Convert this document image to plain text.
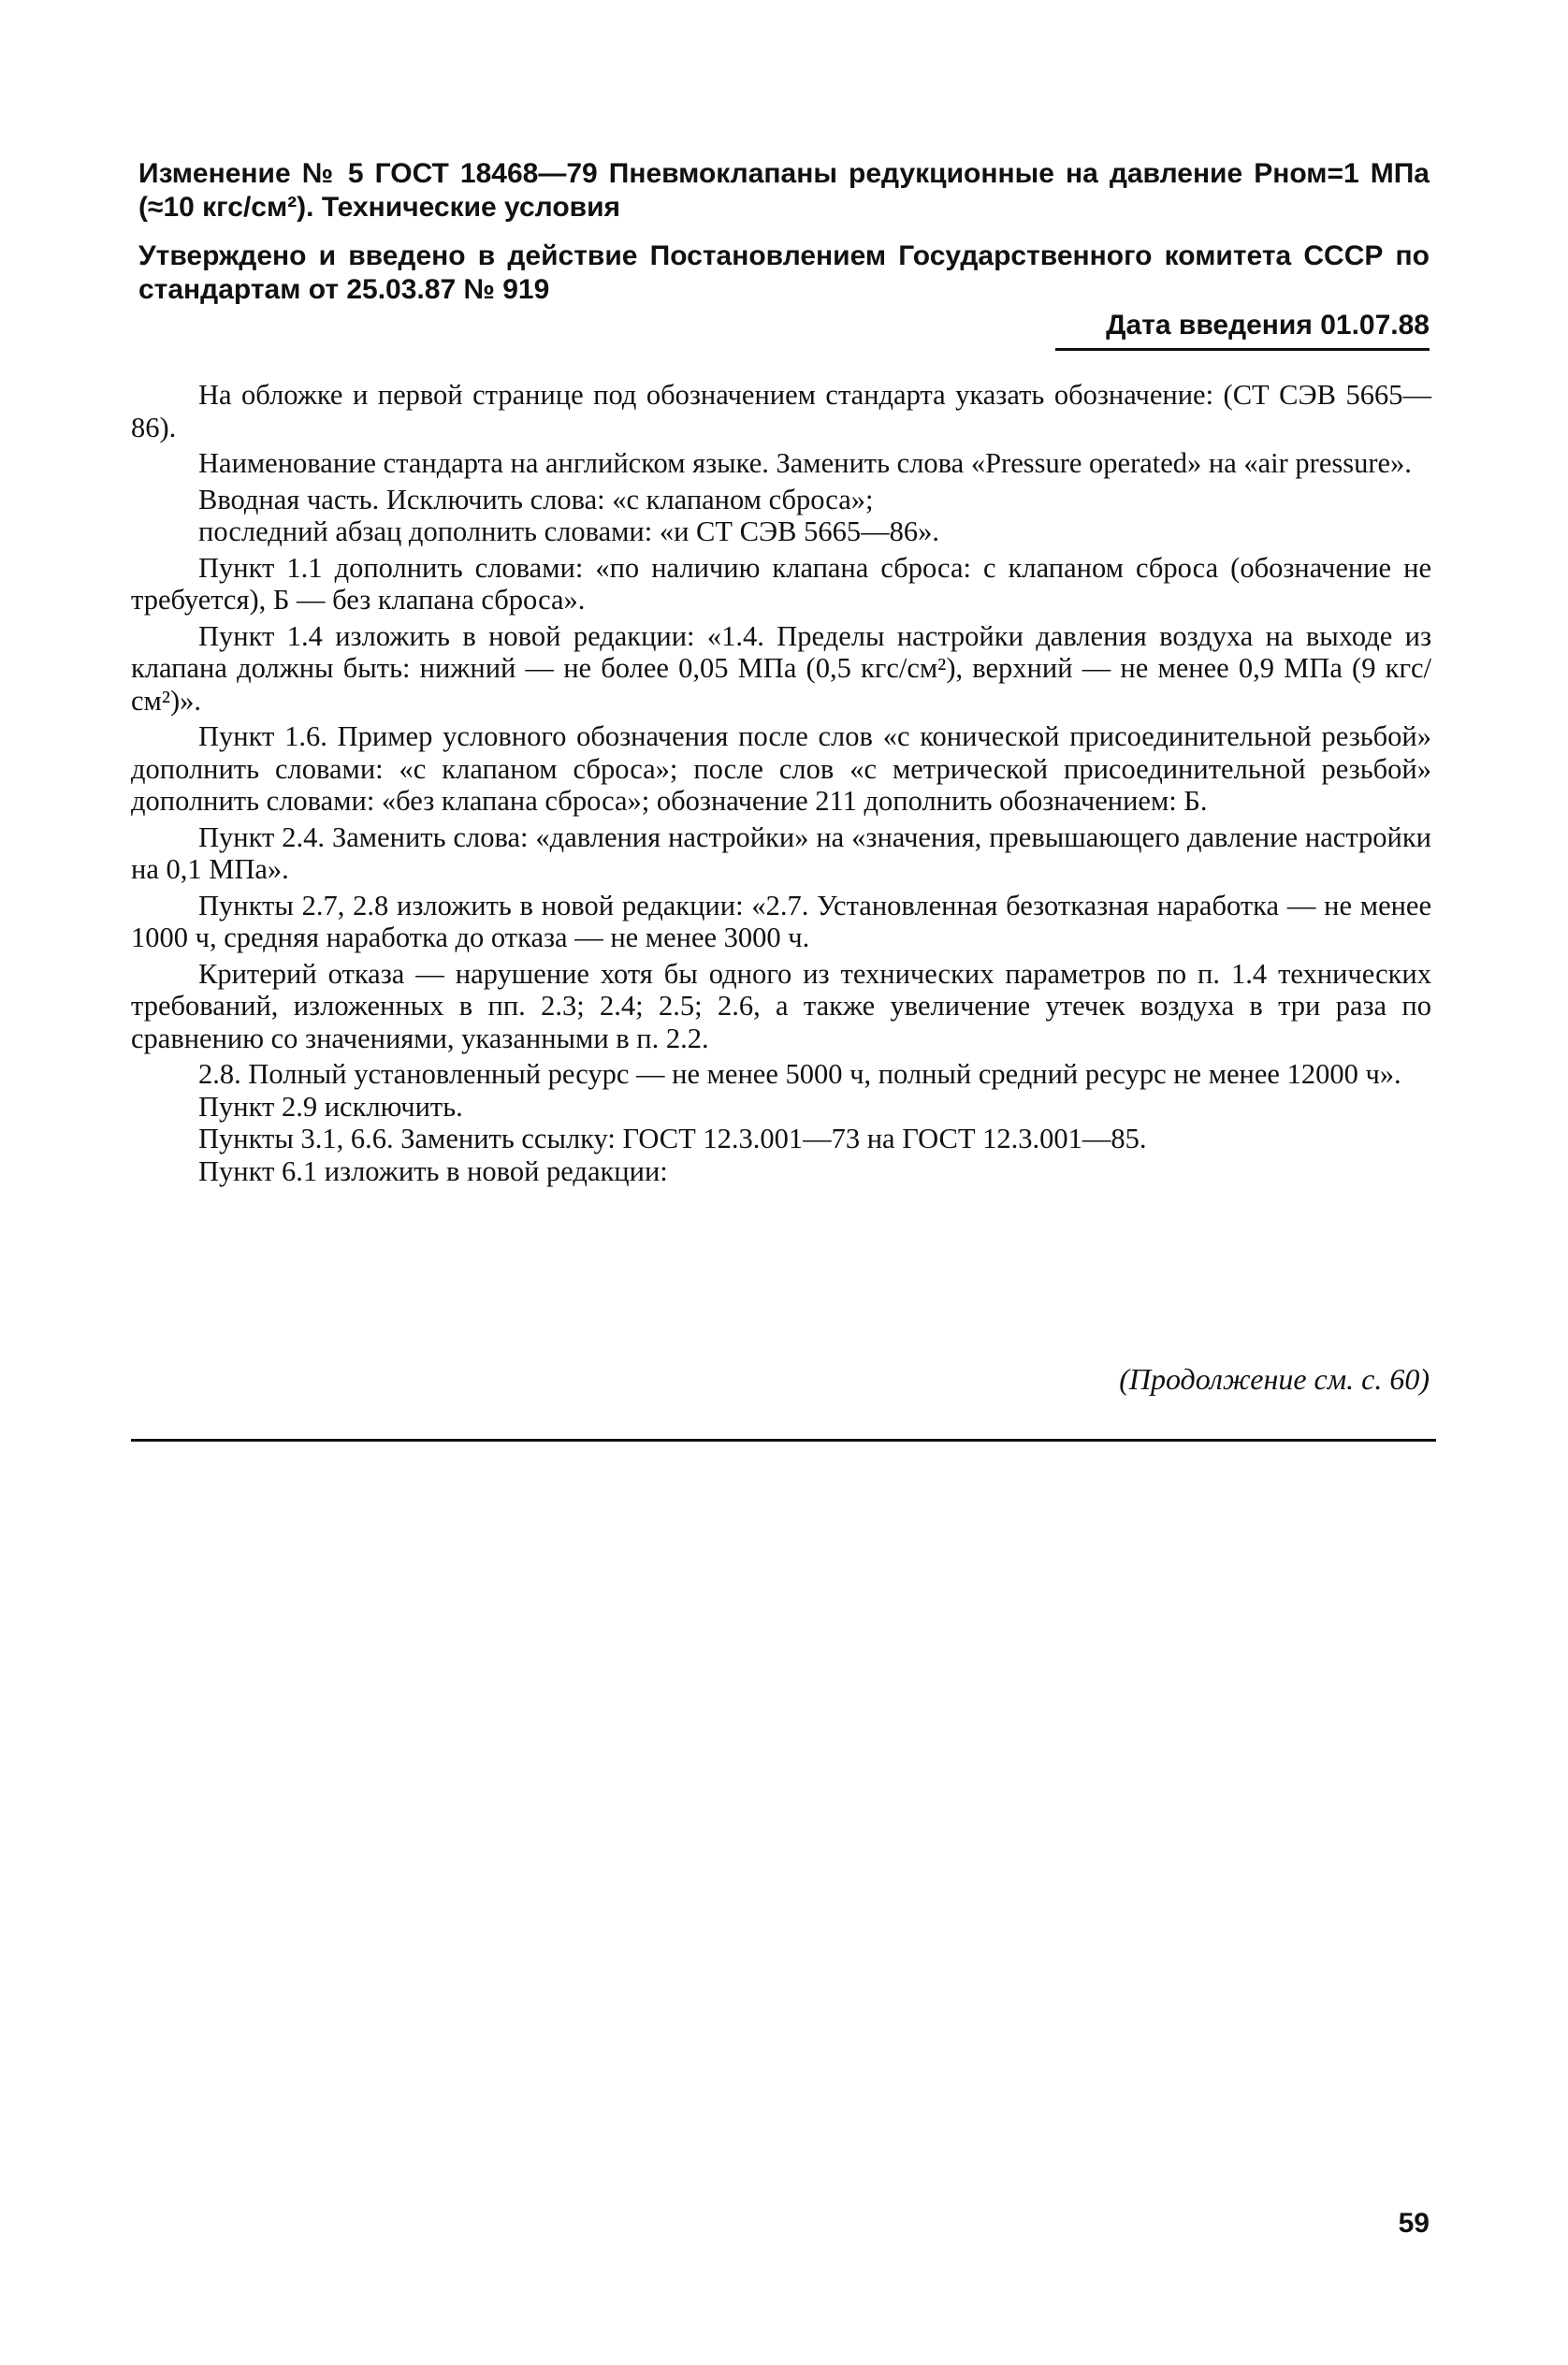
Изменение № 5 ГОСТ 18468—79 Пневмоклапаны редукционные на давление Pном=1 МПа (≈10 кгс/см²). Технические условия
Утверждено и введено в действие Постановлением Государственного комитета СССР по стандартам от 25.03.87 № 919
Дата введения 01.07.88

На обложке и первой странице под обозначением стандарта указать обозначение: (СТ СЭВ 5665—86).

Наименование стандарта на английском языке. Заменить слова «Pressure operated» на «air pressure».

Вводная часть. Исключить слова: «с клапаном сброса»;

последний абзац дополнить словами: «и СТ СЭВ 5665—86».

Пункт 1.1 дополнить словами: «по наличию клапана сброса: с клапаном сброса (обозначение не требуется), Б — без клапана сброса».

Пункт 1.4 изложить в новой редакции: «1.4. Пределы настройки давления воздуха на выходе из клапана должны быть: нижний — не более 0,05 МПа (0,5 кгс/см²), верхний — не менее 0,9 МПа (9 кгс/см²)».

Пункт 1.6. Пример условного обозначения после слов «с конической присоединительной резьбой» дополнить словами: «с клапаном сброса»; после слов «с метрической присоединительной резьбой» дополнить словами: «без клапана сброса»; обозначение 211 дополнить обозначением: Б.

Пункт 2.4. Заменить слова: «давления настройки» на «значения, превышающего давление настройки на 0,1 МПа».

Пункты 2.7, 2.8 изложить в новой редакции: «2.7. Установленная безотказная наработка — не менее 1000 ч, средняя наработка до отказа — не менее 3000 ч.

Критерий отказа — нарушение хотя бы одного из технических параметров по п. 1.4 технических требований, изложенных в пп. 2.3; 2.4; 2.5; 2.6, а также увеличение утечек воздуха в три раза по сравнению со значениями, указанными в п. 2.2.

2.8. Полный установленный ресурс — не менее 5000 ч, полный средний ресурс не менее 12000 ч».

Пункт 2.9 исключить.

Пункты 3.1, 6.6. Заменить ссылку: ГОСТ 12.3.001—73 на ГОСТ 12.3.001—85.

Пункт 6.1 изложить в новой редакции:

(Продолжение см. с. 60)
59
